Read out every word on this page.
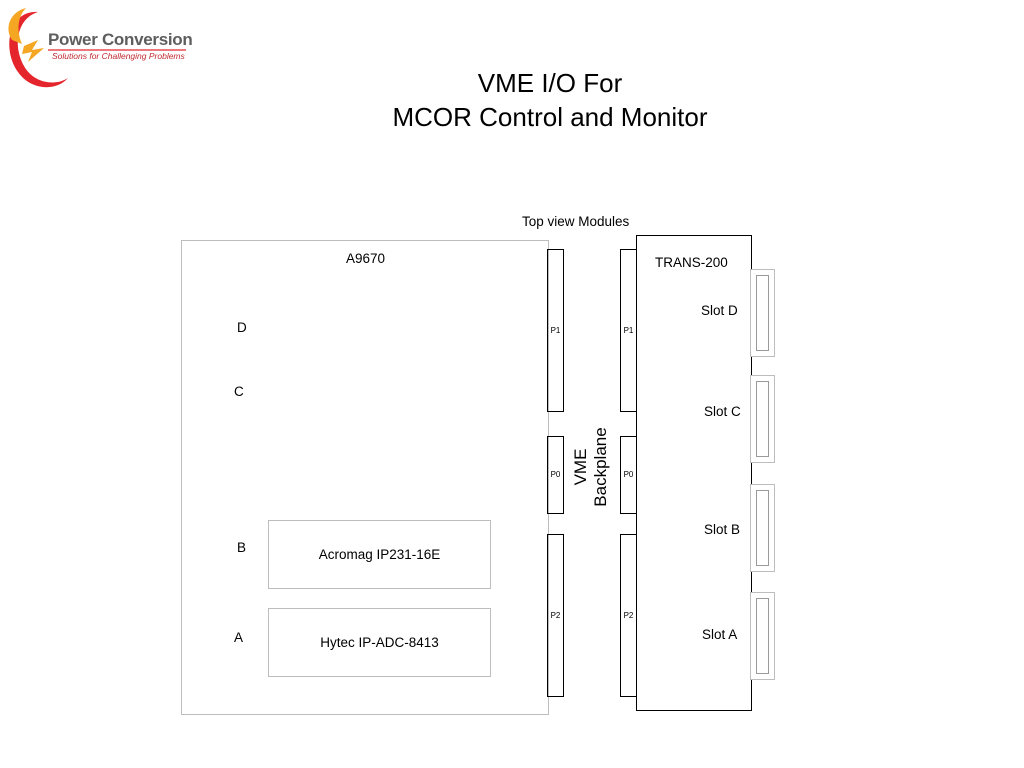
Power Conversion
Solutions for Challenging Problems
VME I/O For
MCOR Control and Monitor
Top view Modules
A9670
D
C
B
A
Acromag IP231-16E
Hytec IP-ADC-8413
P1
P0
P2
P1
P0
P2
VME Backplane
TRANS-200
Slot D
Slot C
Slot B
Slot A
